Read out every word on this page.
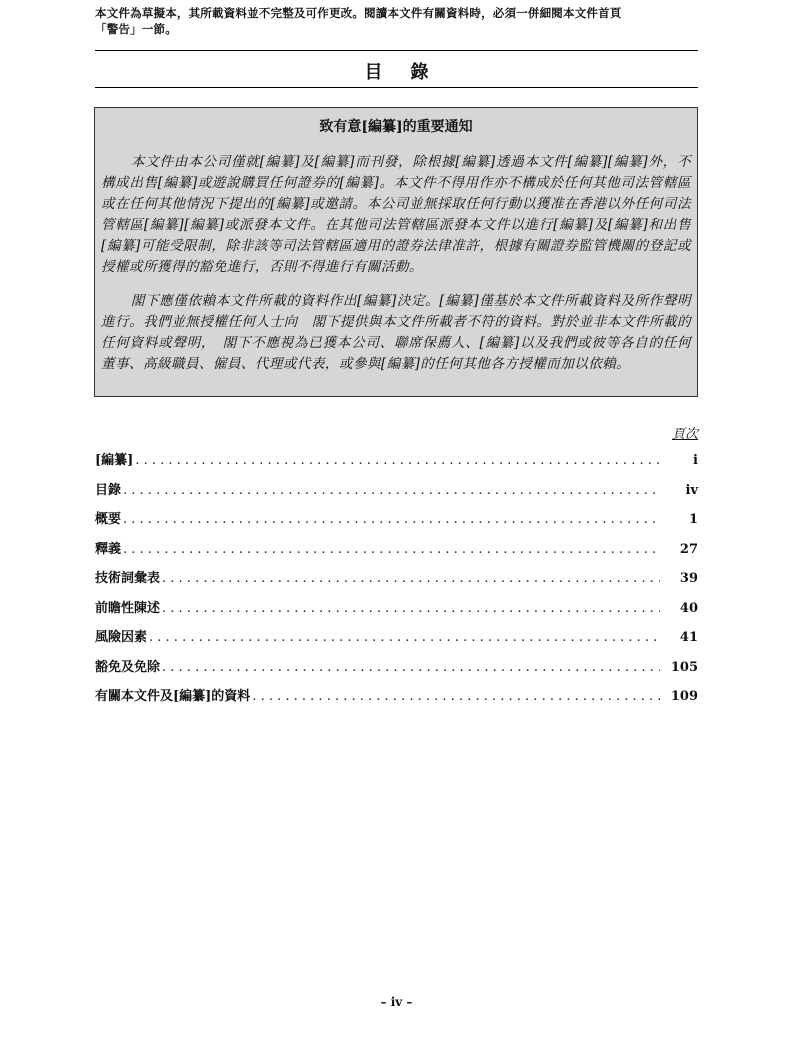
本文件為草擬本，其所載資料並不完整及可作更改。閱讀本文件有關資料時，必須一併細閱本文件首頁
「警告」一節。
目錄
致有意[編纂]的重要通知

本文件由本公司僅就[編纂]及[編纂]而刊發，除根據[編纂]透過本文件[編纂][編纂]外，不構成出售[編纂]或遊說購買任何證券的[編纂]。本文件不得用作亦不構成於任何其他司法管轄區或在任何其他情況下提出的[編纂]或邀請。本公司並無採取任何行動以獲准在香港以外任何司法管轄區[編纂][編纂]或派發本文件。在其他司法管轄區派發本文件以進行[編纂]及[編纂]和出售[編纂]可能受限制，除非該等司法管轄區適用的證券法律准許，根據有關證券監管機關的登記或授權或所獲得的豁免進行，否則不得進行有關活動。

閣下應僅依賴本文件所載的資料作出[編纂]決定。[編纂]僅基於本文件所載資料及所作聲明進行。我們並無授權任何人士向　閣下提供與本文件所載者不符的資料。對於並非本文件所載的任何資料或聲明，　閣下不應視為已獲本公司、聯席保薦人、[編纂]以及我們或彼等各自的任何董事、高級職員、僱員、代理或代表，或參與[編纂]的任何其他各方授權而加以依賴。

頁次
[編纂] . . .	i
目錄 . . .	iv
概要 . . .	1
釋義 . . .	27
技術詞彙表 . . .	39
前瞻性陳述 . . .	40
風險因素 . . .	41
豁免及免除 . . .	105
有關本文件及[編纂]的資料 . . .	109
– iv –
